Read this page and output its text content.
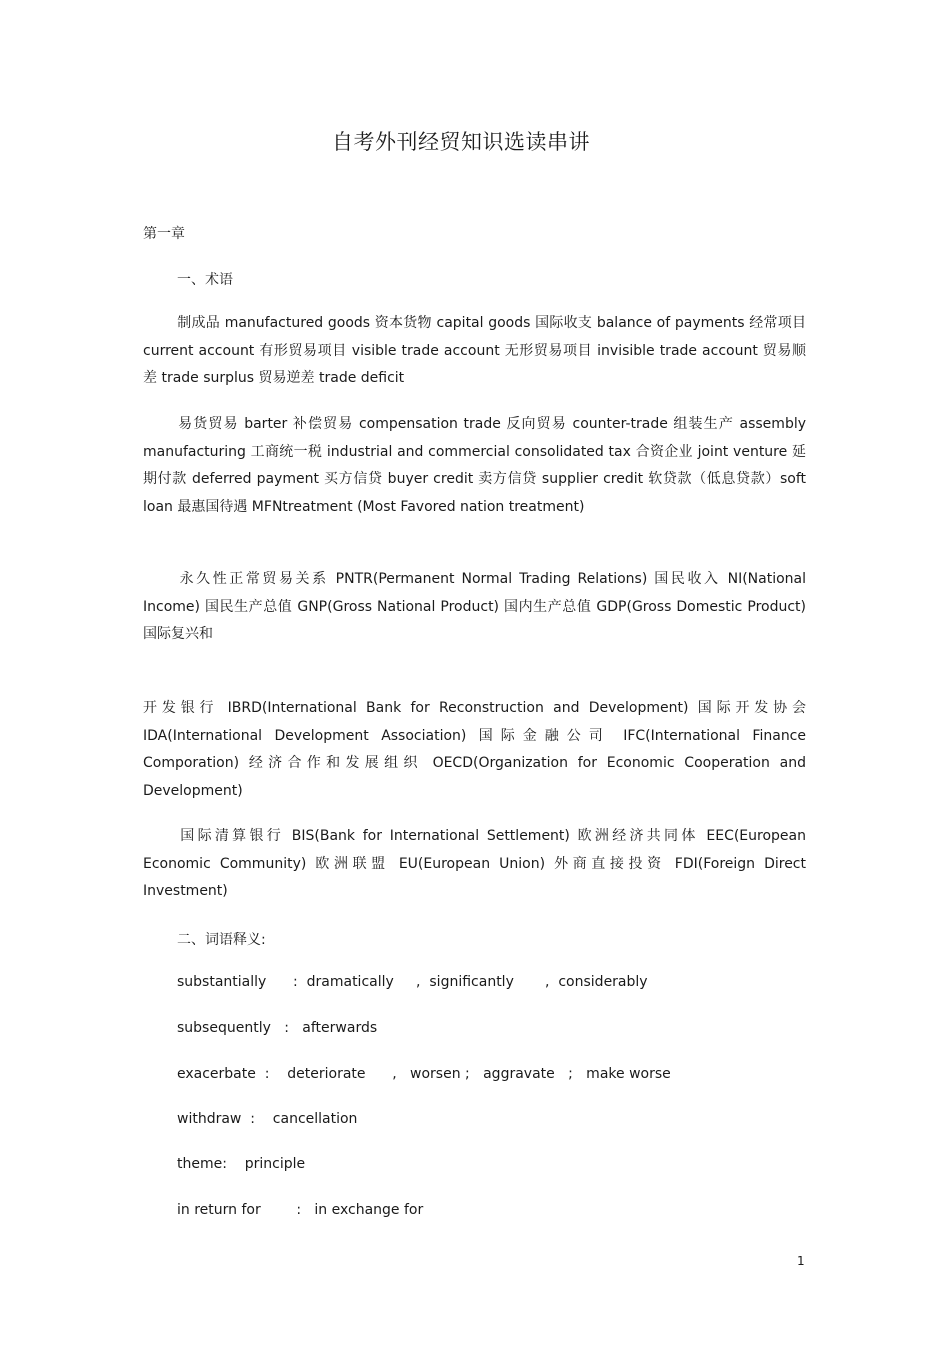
自考外刊经贸知识选读串讲
第一章
一、术语
制成品 manufactured goods 资本货物 capital goods 国际收支 balance of payments 经常项目 current account 有形贸易项目 visible trade account 无形贸易项目 invisible trade account 贸易顺差 trade surplus 贸易逆差 trade deficit
易货贸易 barter 补偿贸易 compensation trade 反向贸易 counter-trade 组装生产 assembly manufacturing 工商统一税 industrial and commercial consolidated tax 合资企业 joint venture 延期付款 deferred payment 买方信贷 buyer credit 卖方信贷 supplier credit 软贷款（低息贷款）soft loan 最惠国待遇 MFNtreatment (Most Favored nation treatment)
永久性正常贸易关系 PNTR(Permanent Normal Trading Relations) 国民收入 NI(National Income) 国民生产总值 GNP(Gross National Product) 国内生产总值 GDP(Gross Domestic Product) 国际复兴和
开发银行 IBRD(International Bank for Reconstruction and Development) 国际开发协会 IDA(International Development Association) 国际金融公司 IFC(International Finance Comporation) 经济合作和发展组织 OECD(Organization for Economic Cooperation and Development)
国际清算银行 BIS(Bank for International Settlement) 欧洲经济共同体 EEC(European Economic Community) 欧洲联盟 EU(European Union) 外商直接投资 FDI(Foreign Direct Investment)
二、词语释义:
substantially      :  dramatically     ,  significantly       ,  considerably
subsequently   :   afterwards
exacerbate  :    deteriorate      ,   worsen ;   aggravate   ;   make worse
withdraw  :    cancellation
theme:    principle
in return for        :   in exchange for
1
